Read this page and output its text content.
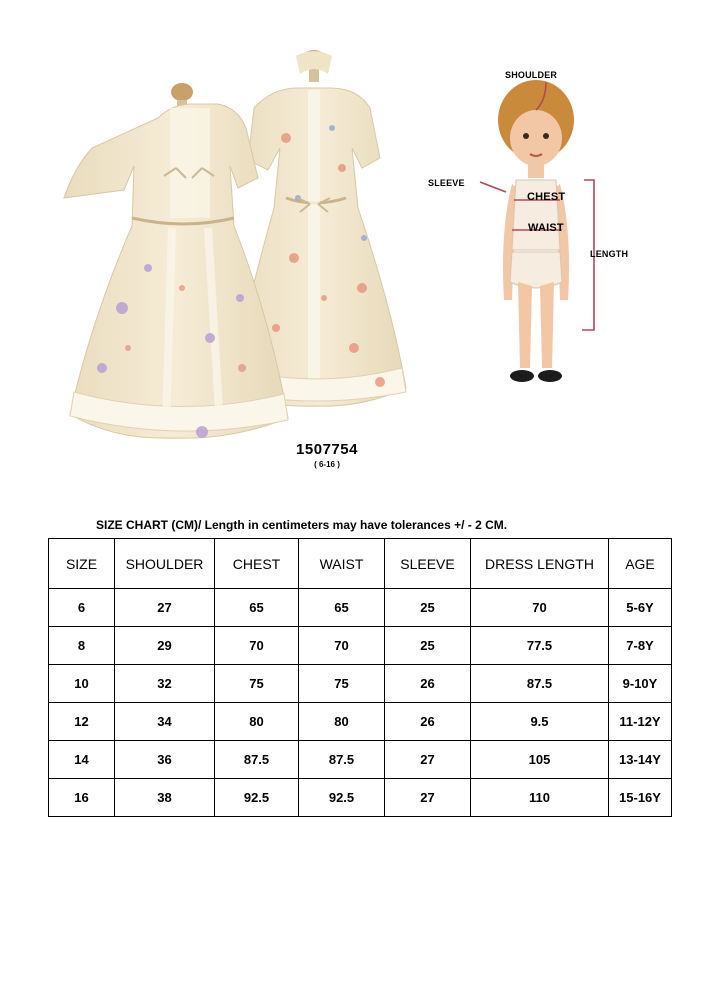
1507754
( 6-16 )
SHOULDER
SLEEVE
CHEST
WAIST
LENGTH
SIZE CHART (CM)/ Length in centimeters may have tolerances +/ - 2 CM.
SIZE	SHOULDER	CHEST	WAIST	SLEEVE	DRESS LENGTH	AGE
6	27	65	65	25	70	5-6Y
8	29	70	70	25	77.5	7-8Y
10	32	75	75	26	87.5	9-10Y
12	34	80	80	26	9.5	11-12Y
14	36	87.5	87.5	27	105	13-14Y
16	38	92.5	92.5	27	110	15-16Y
